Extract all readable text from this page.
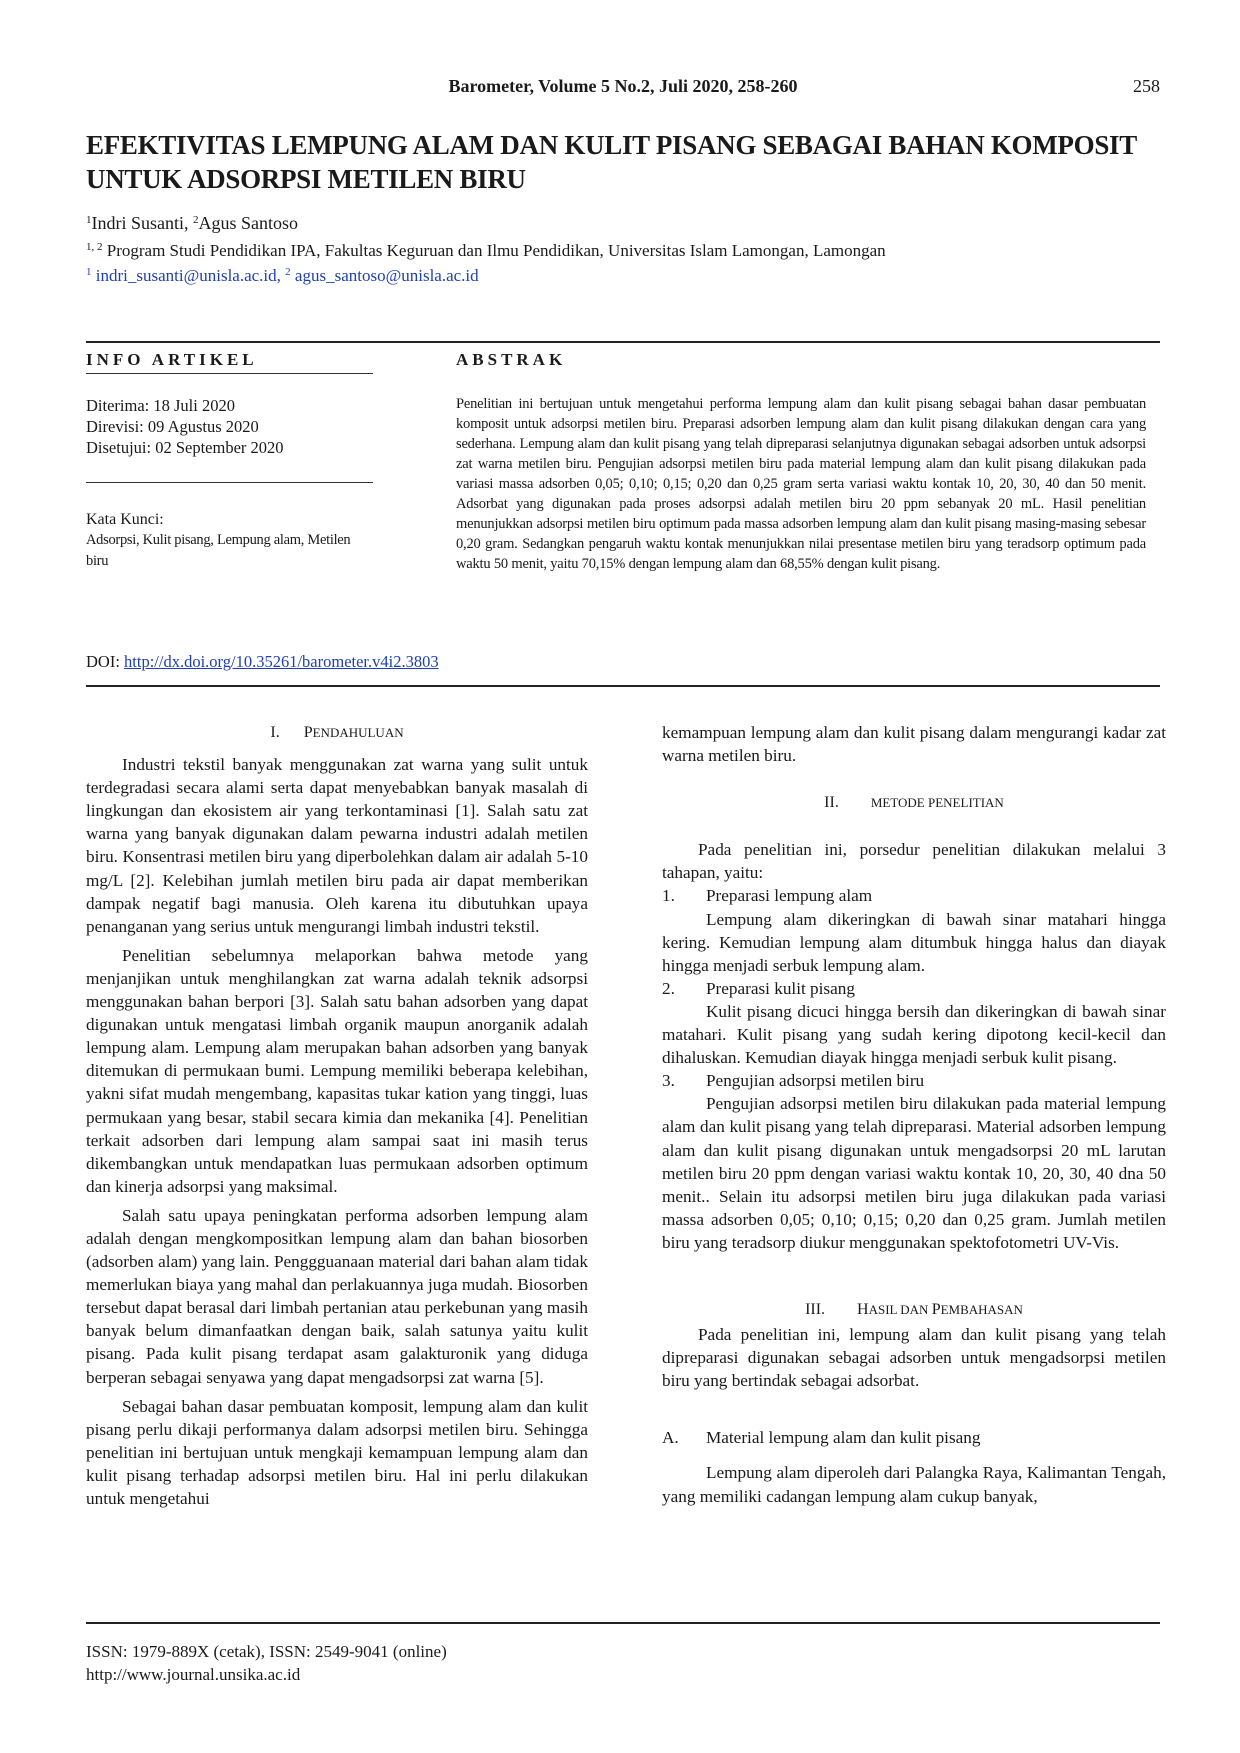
Barometer, Volume 5 No.2, Juli 2020, 258-260	258
EFEKTIVITAS LEMPUNG ALAM DAN KULIT PISANG SEBAGAI BAHAN KOMPOSIT UNTUK ADSORPSI METILEN BIRU
$^1$Indri Susanti, $^2$Agus Santoso
$^{1, 2}$ Program Studi Pendidikan IPA, Fakultas Keguruan dan Ilmu Pendidikan, Universitas Islam Lamongan, Lamongan
$^1$ indri_susanti@unisla.ac.id, $^2$ agus_santoso@unisla.ac.id
INFO ARTIKEL
Diterima: 18 Juli 2020
Direvisi: 09 Agustus 2020
Disetujui: 02 September 2020
Kata Kunci:
Adsorpsi, Kulit pisang, Lempung alam, Metilen biru
ABSTRAK
Penelitian ini bertujuan untuk mengetahui performa lempung alam dan kulit pisang sebagai bahan dasar pembuatan komposit untuk adsorpsi metilen biru. Preparasi adsorben lempung alam dan kulit pisang dilakukan dengan cara yang sederhana. Lempung alam dan kulit pisang yang telah dipreparasi selanjutnya digunakan sebagai adsorben untuk adsorpsi zat warna metilen biru. Pengujian adsorpsi metilen biru pada material lempung alam dan kulit pisang dilakukan pada variasi massa adsorben 0,05; 0,10; 0,15; 0,20 dan 0,25 gram serta variasi waktu kontak 10, 20, 30, 40 dan 50 menit. Adsorbat yang digunakan pada proses adsorpsi adalah metilen biru 20 ppm sebanyak 20 mL. Hasil penelitian menunjukkan adsorpsi metilen biru optimum pada massa adsorben lempung alam dan kulit pisang masing-masing sebesar 0,20 gram. Sedangkan pengaruh waktu kontak menunjukkan nilai presentase metilen biru yang teradsorp optimum pada waktu 50 menit, yaitu 70,15% dengan lempung alam dan 68,55% dengan kulit pisang.
DOI: http://dx.doi.org/10.35261/barometer.v4i2.3803
I. PENDAHULUAN

Industri tekstil banyak menggunakan zat warna yang sulit untuk terdegradasi secara alami serta dapat menyebabkan banyak masalah di lingkungan dan ekosistem air yang terkontaminasi [1]. Salah satu zat warna yang banyak digunakan dalam pewarna industri adalah metilen biru. Konsentrasi metilen biru yang diperbolehkan dalam air adalah 5-10 mg/L [2]. Kelebihan jumlah metilen biru pada air dapat memberikan dampak negatif bagi manusia. Oleh karena itu dibutuhkan upaya penanganan yang serius untuk mengurangi limbah industri tekstil.

Penelitian sebelumnya melaporkan bahwa metode yang menjanjikan untuk menghilangkan zat warna adalah teknik adsorpsi menggunakan bahan berpori [3]. Salah satu bahan adsorben yang dapat digunakan untuk mengatasi limbah organik maupun anorganik adalah lempung alam. Lempung alam merupakan bahan adsorben yang banyak ditemukan di permukaan bumi. Lempung memiliki beberapa kelebihan, yakni sifat mudah mengembang, kapasitas tukar kation yang tinggi, luas permukaan yang besar, stabil secara kimia dan mekanika [4]. Penelitian terkait adsorben dari lempung alam sampai saat ini masih terus dikembangkan untuk mendapatkan luas permukaan adsorben optimum dan kinerja adsorpsi yang maksimal.

Salah satu upaya peningkatan performa adsorben lempung alam adalah dengan mengkompositkan lempung alam dan bahan biosorben (adsorben alam) yang lain. Penggguanaan material dari bahan alam tidak memerlukan biaya yang mahal dan perlakuannya juga mudah. Biosorben tersebut dapat berasal dari limbah pertanian atau perkebunan yang masih banyak belum dimanfaatkan dengan baik, salah satunya yaitu kulit pisang. Pada kulit pisang terdapat asam galakturonik yang diduga berperan sebagai senyawa yang dapat mengadsorpsi zat warna [5].

Sebagai bahan dasar pembuatan komposit, lempung alam dan kulit pisang perlu dikaji performanya dalam adsorpsi metilen biru. Sehingga penelitian ini bertujuan untuk mengkaji kemampuan lempung alam dan kulit pisang terhadap adsorpsi metilen biru. Hal ini perlu dilakukan untuk mengetahui

kemampuan lempung alam dan kulit pisang dalam mengurangi kadar zat warna metilen biru.

II. METODE PENELITIAN

Pada penelitian ini, porsedur penelitian dilakukan melalui 3 tahapan, yaitu:

1.	Preparasi lempung alam

Lempung alam dikeringkan di bawah sinar matahari hingga kering. Kemudian lempung alam ditumbuk hingga halus dan diayak hingga menjadi serbuk lempung alam.

2.	Preparasi kulit pisang

Kulit pisang dicuci hingga bersih dan dikeringkan di bawah sinar matahari. Kulit pisang yang sudah kering dipotong kecil-kecil dan dihaluskan. Kemudian diayak hingga menjadi serbuk kulit pisang.

3.	Pengujian adsorpsi metilen biru

Pengujian adsorpsi metilen biru dilakukan pada material lempung alam dan kulit pisang yang telah dipreparasi. Material adsorben lempung alam dan kulit pisang digunakan untuk mengadsorpsi 20 mL larutan metilen biru 20 ppm dengan variasi waktu kontak 10, 20, 30, 40 dna 50 menit.. Selain itu adsorpsi metilen biru juga dilakukan pada variasi massa adsorben 0,05; 0,10; 0,15; 0,20 dan 0,25 gram. Jumlah metilen biru yang teradsorp diukur menggunakan spektofotometri UV-Vis.

III. HASIL DAN PEMBAHASAN

Pada penelitian ini, lempung alam dan kulit pisang yang telah dipreparasi digunakan sebagai adsorben untuk mengadsorpsi metilen biru yang bertindak sebagai adsorbat.

A.	Material lempung alam dan kulit pisang

Lempung alam diperoleh dari Palangka Raya, Kalimantan Tengah, yang memiliki cadangan lempung alam cukup banyak,

ISSN: 1979-889X (cetak), ISSN: 2549-9041 (online)
http://www.journal.unsika.ac.id
